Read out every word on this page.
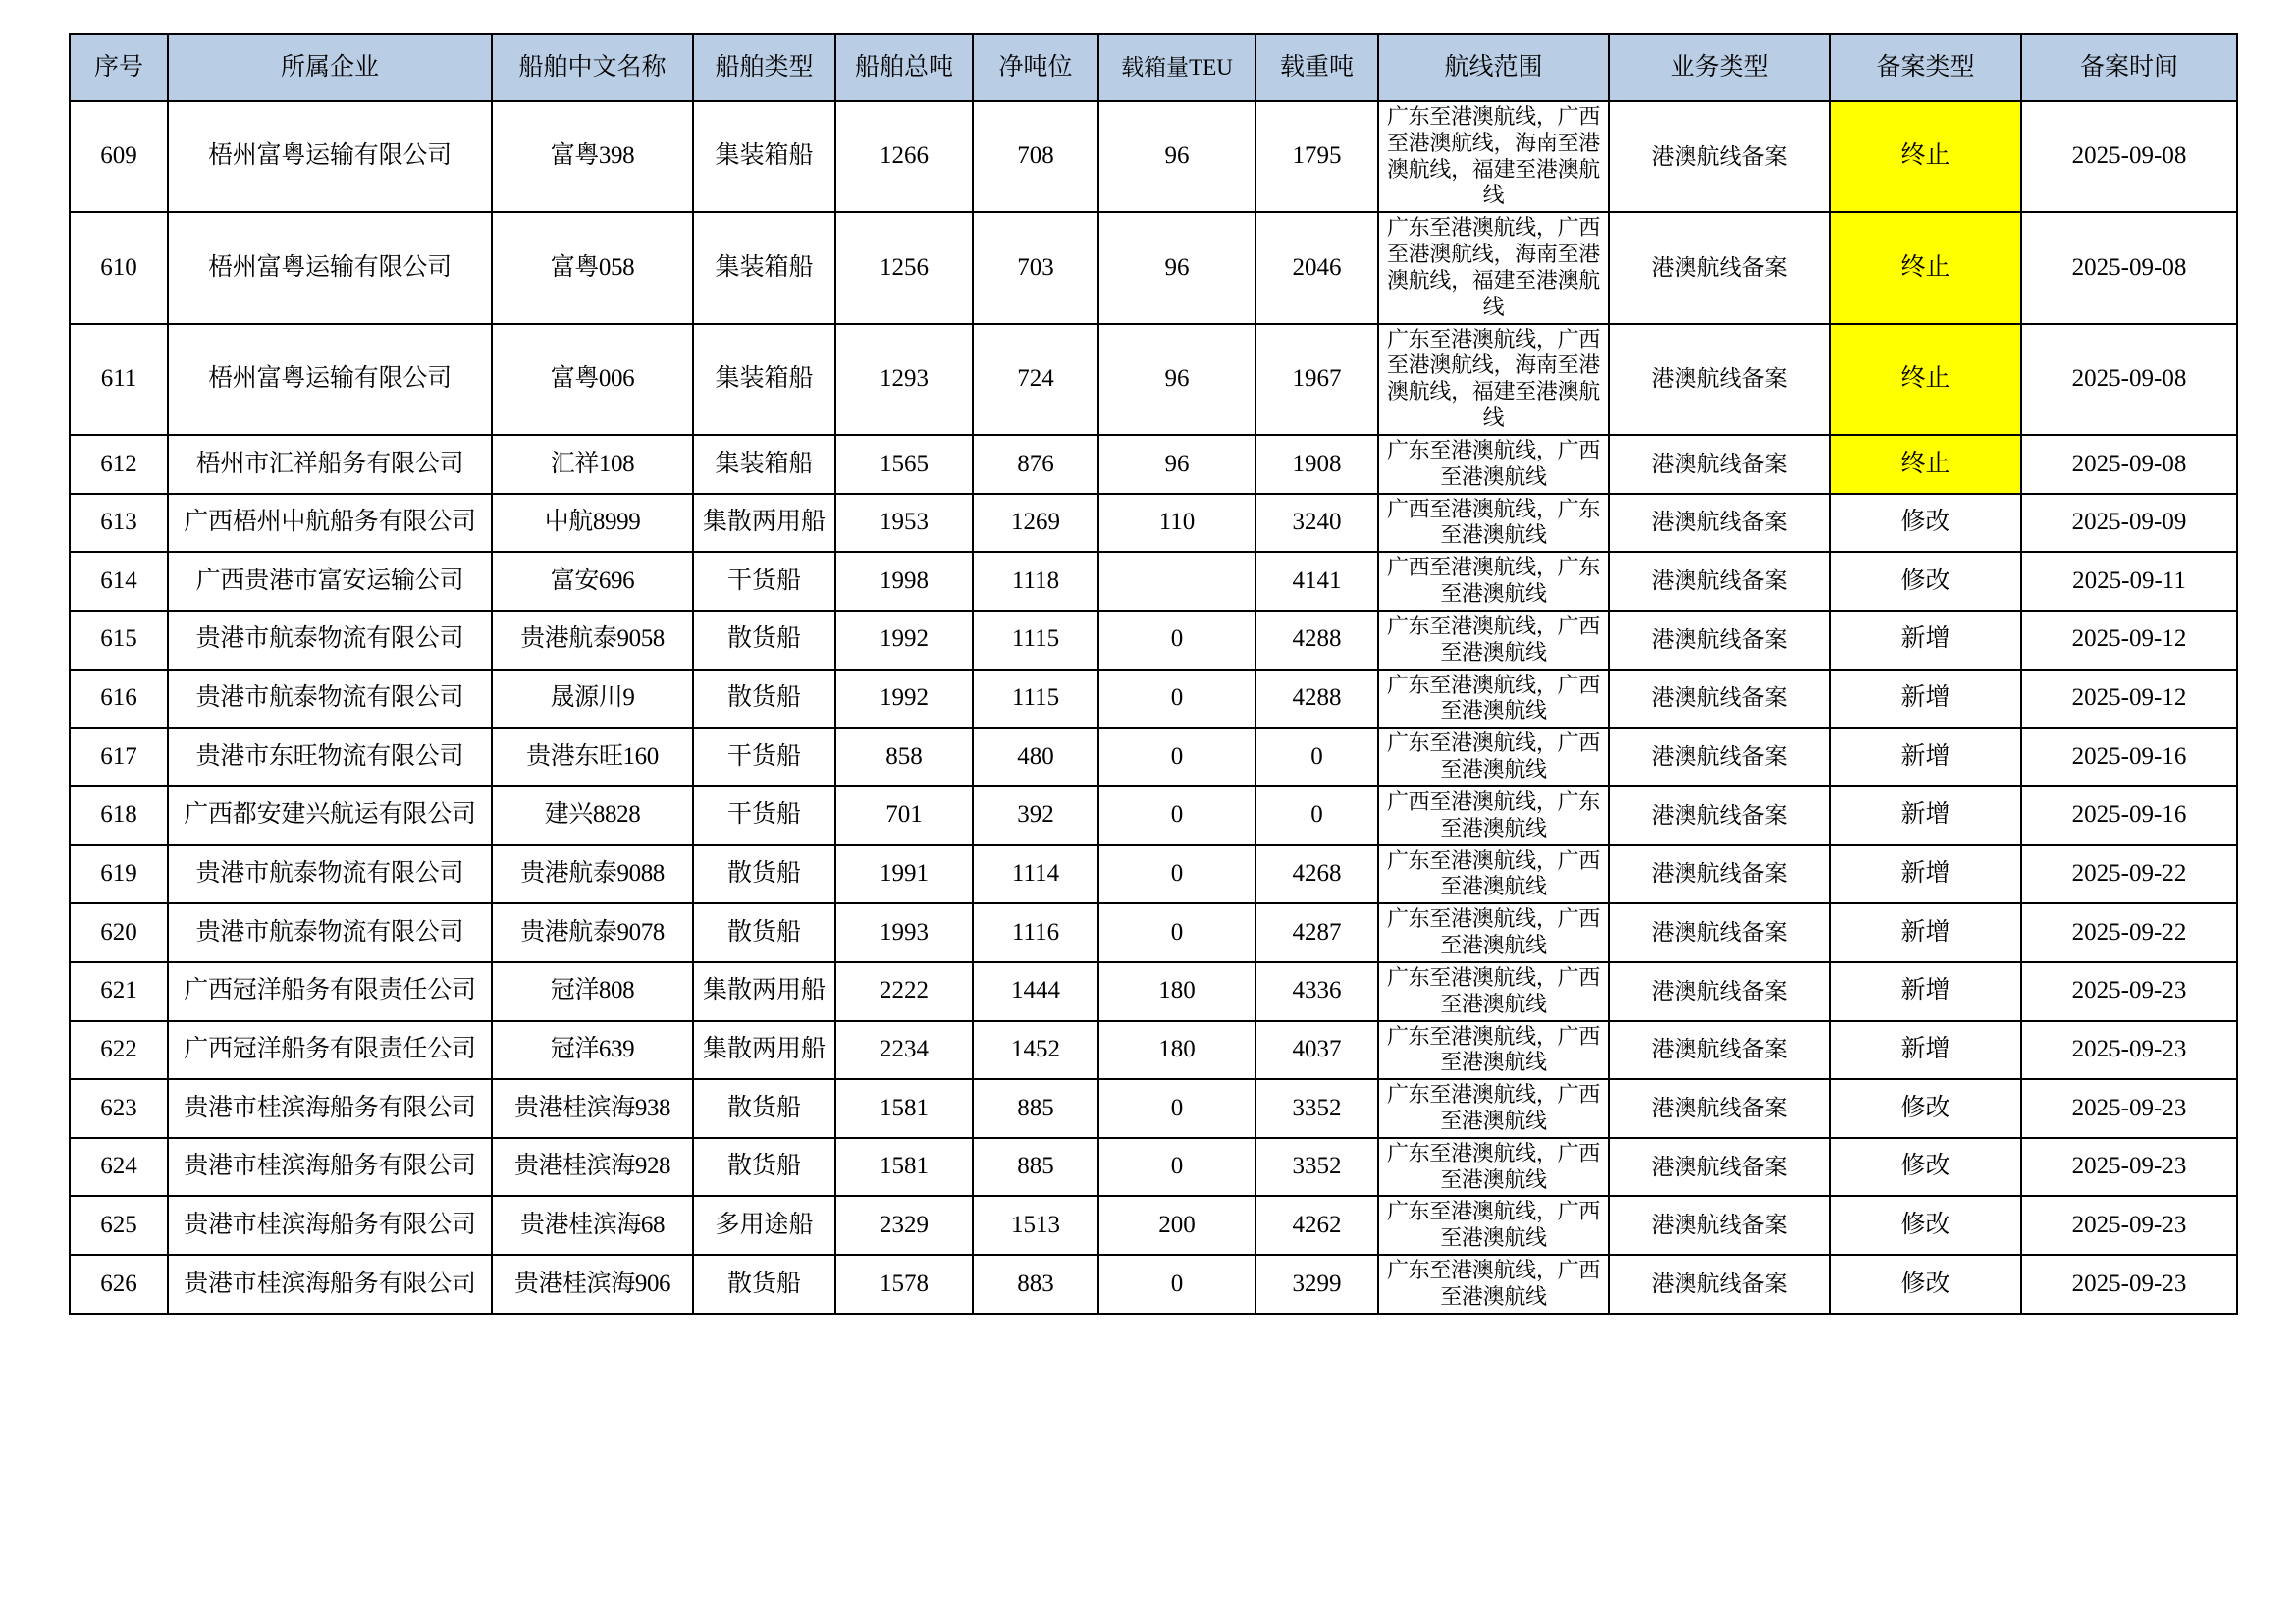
序号	所属企业	船舶中文名称	船舶类型	船舶总吨	净吨位	载箱量TEU	载重吨	航线范围	业务类型	备案类型	备案时间
609	梧州富粤运输有限公司	富粤398	集装箱船	1266	708	96	1795	广东至港澳航线，广西至港澳航线，海南至港澳航线，福建至港澳航线	港澳航线备案	终止	2025-09-08
610	梧州富粤运输有限公司	富粤058	集装箱船	1256	703	96	2046	广东至港澳航线，广西至港澳航线，海南至港澳航线，福建至港澳航线	港澳航线备案	终止	2025-09-08
611	梧州富粤运输有限公司	富粤006	集装箱船	1293	724	96	1967	广东至港澳航线，广西至港澳航线，海南至港澳航线，福建至港澳航线	港澳航线备案	终止	2025-09-08
612	梧州市汇祥船务有限公司	汇祥108	集装箱船	1565	876	96	1908	广东至港澳航线，广西至港澳航线	港澳航线备案	终止	2025-09-08
613	广西梧州中航船务有限公司	中航8999	集散两用船	1953	1269	110	3240	广西至港澳航线，广东至港澳航线	港澳航线备案	修改	2025-09-09
614	广西贵港市富安运输公司	富安696	干货船	1998	1118		4141	广西至港澳航线，广东至港澳航线	港澳航线备案	修改	2025-09-11
615	贵港市航泰物流有限公司	贵港航泰9058	散货船	1992	1115	0	4288	广东至港澳航线，广西至港澳航线	港澳航线备案	新增	2025-09-12
616	贵港市航泰物流有限公司	晟源川9	散货船	1992	1115	0	4288	广东至港澳航线，广西至港澳航线	港澳航线备案	新增	2025-09-12
617	贵港市东旺物流有限公司	贵港东旺160	干货船	858	480	0	0	广东至港澳航线，广西至港澳航线	港澳航线备案	新增	2025-09-16
618	广西都安建兴航运有限公司	建兴8828	干货船	701	392	0	0	广西至港澳航线，广东至港澳航线	港澳航线备案	新增	2025-09-16
619	贵港市航泰物流有限公司	贵港航泰9088	散货船	1991	1114	0	4268	广东至港澳航线，广西至港澳航线	港澳航线备案	新增	2025-09-22
620	贵港市航泰物流有限公司	贵港航泰9078	散货船	1993	1116	0	4287	广东至港澳航线，广西至港澳航线	港澳航线备案	新增	2025-09-22
621	广西冠洋船务有限责任公司	冠洋808	集散两用船	2222	1444	180	4336	广东至港澳航线，广西至港澳航线	港澳航线备案	新增	2025-09-23
622	广西冠洋船务有限责任公司	冠洋639	集散两用船	2234	1452	180	4037	广东至港澳航线，广西至港澳航线	港澳航线备案	新增	2025-09-23
623	贵港市桂滨海船务有限公司	贵港桂滨海938	散货船	1581	885	0	3352	广东至港澳航线，广西至港澳航线	港澳航线备案	修改	2025-09-23
624	贵港市桂滨海船务有限公司	贵港桂滨海928	散货船	1581	885	0	3352	广东至港澳航线，广西至港澳航线	港澳航线备案	修改	2025-09-23
625	贵港市桂滨海船务有限公司	贵港桂滨海68	多用途船	2329	1513	200	4262	广东至港澳航线，广西至港澳航线	港澳航线备案	修改	2025-09-23
626	贵港市桂滨海船务有限公司	贵港桂滨海906	散货船	1578	883	0	3299	广东至港澳航线，广西至港澳航线	港澳航线备案	修改	2025-09-23
